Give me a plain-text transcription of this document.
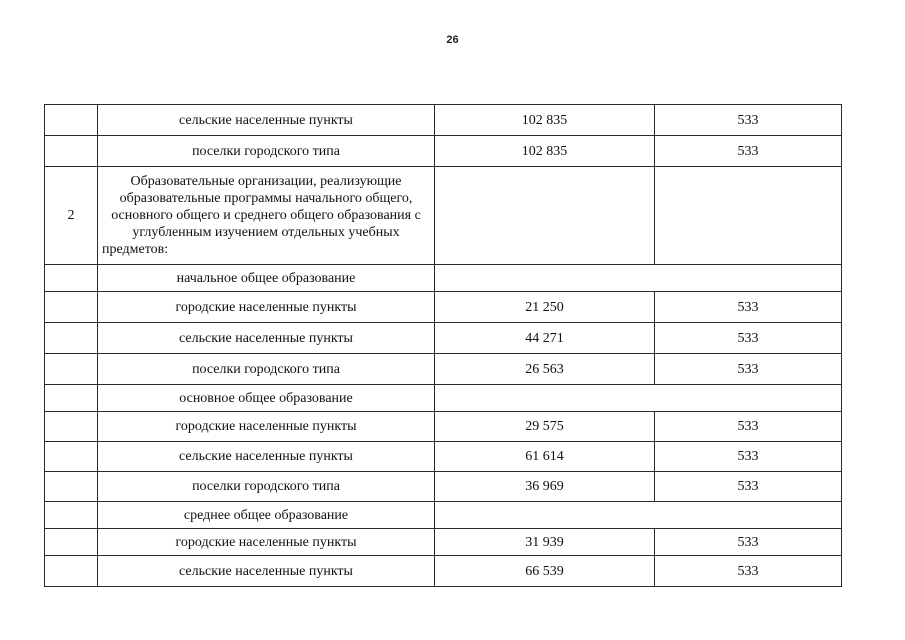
26
	сельские населенные пункты	102 835	533
	поселки городского типа	102 835	533
2	Образовательные организации, реализующие образовательные программы начального общего, основного общего и среднего общего образования с углубленным изучением отдельных учебных предметов:		
	начальное общее образование		
	городские населенные пункты	21 250	533
	сельские населенные пункты	44 271	533
	поселки городского типа	26 563	533
	основное общее образование		
	городские населенные пункты	29 575	533
	сельские населенные пункты	61 614	533
	поселки городского типа	36 969	533
	среднее общее образование		
	городские населенные пункты	31 939	533
	сельские населенные пункты	66 539	533
